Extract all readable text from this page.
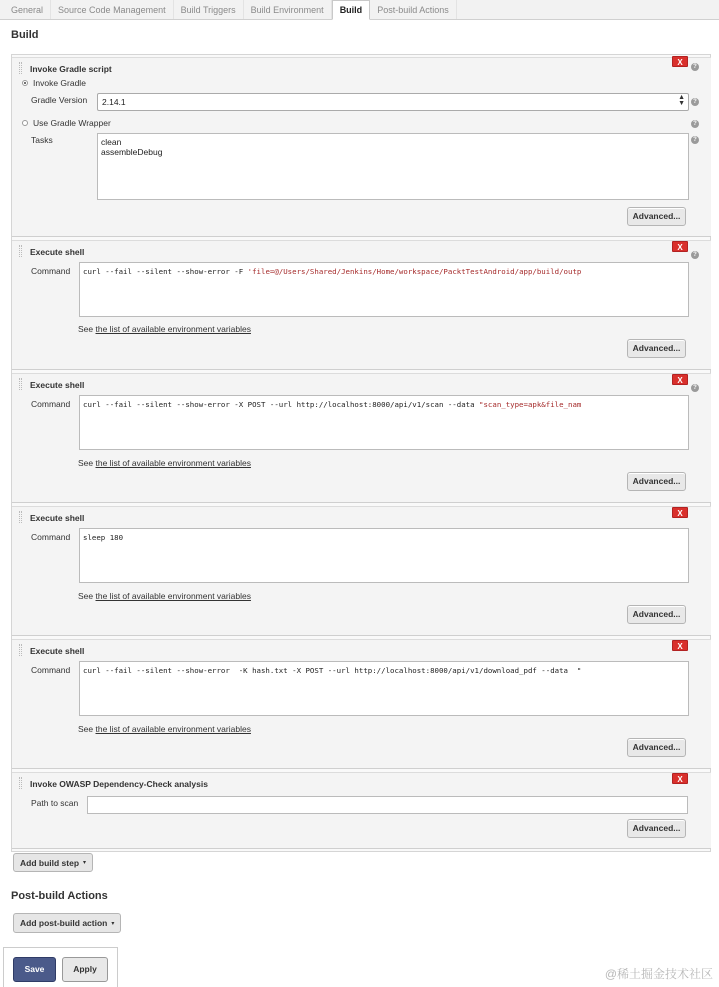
General	Source Code Management	Build Triggers	Build Environment	Build	Post-build Actions
Build
Invoke Gradle script
X	?
Invoke Gradle
Gradle Version	2.14.1	▲
▼	?
Use Gradle Wrapper	?
Tasks	clean
assembleDebug
?
Advanced...
Execute shell	X
?
Command	curl --fail --silent --show-error -F 'file=@/Users/Shared/Jenkins/Home/workspace/PacktTestAndroid/app/build/outp
See the list of available environment variables
Advanced...
Execute shell	X
?
Command	curl --fail --silent --show-error -X POST --url http://localhost:8000/api/v1/scan --data "scan_type=apk&file_nam
See the list of available environment variables
Advanced...
Execute shell	X
Command	sleep 180
See the list of available environment variables
Advanced...
Execute shell	X
Command	curl --fail --silent --show-error  -K hash.txt -X POST --url http://localhost:8000/api/v1/download_pdf --data  "
See the list of available environment variables
Advanced...
Invoke OWASP Dependency-Check analysis	X
Path to scan
Advanced...
Add build step ▾
Post-build Actions
Add post-build action ▾
Save	Apply	@稀土掘金技术社区
